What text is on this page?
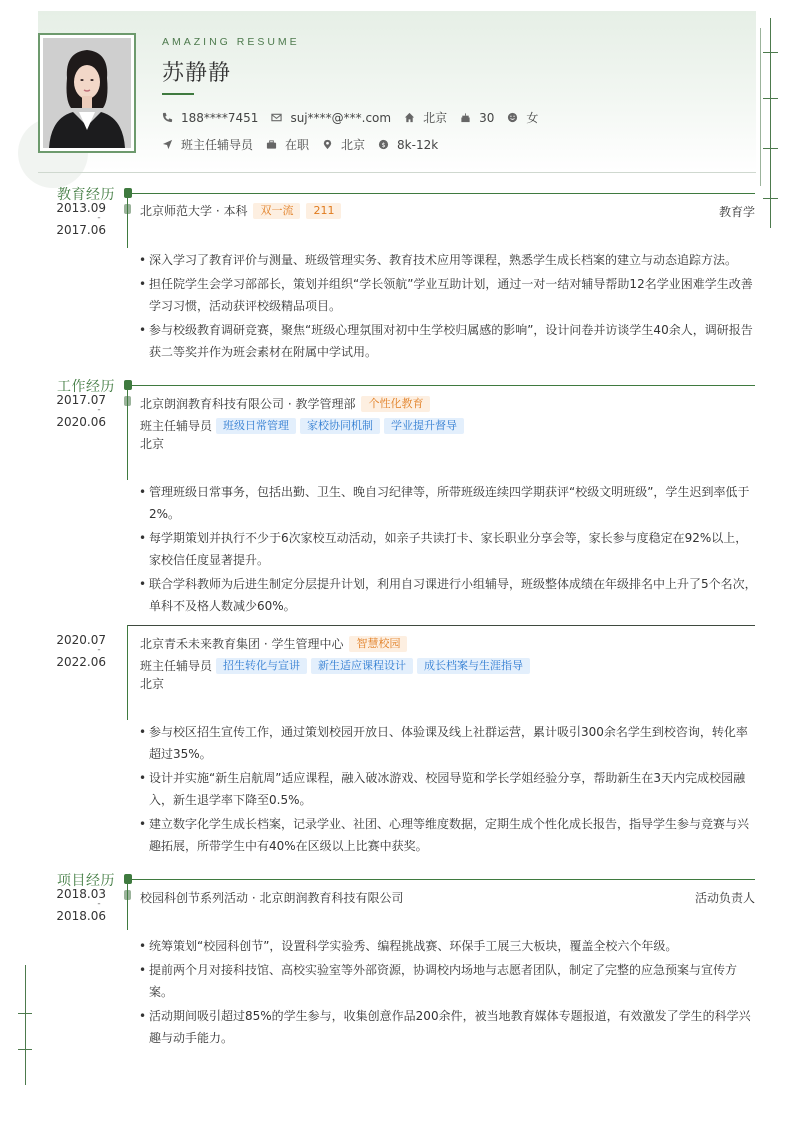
AMAZING RESUME
苏静静
188****7451	suj****@***.com	北京	30	女
班主任辅导员	在职	北京 $ 8k-12k
教育经历
2013.09
-
2017.06
北京师范大学 · 本科	双一流	211	教育学
• 深入学习了教育评价与测量、班级管理实务、教育技术应用等课程，熟悉学生成长档案的建立与动态追踪方法。
• 担任院学生会学习部部长，策划并组织“学长领航”学业互助计划，通过一对一结对辅导帮助12名学业困难学生改善学习习惯，活动获评校级精品项目。
• 参与校级教育调研竞赛，聚焦“班级心理氛围对初中生学校归属感的影响”，设计问卷并访谈学生40余人，调研报告获二等奖并作为班会素材在附属中学试用。
工作经历
2017.07
-
2020.06
北京朗润教育科技有限公司 · 教学管理部	个性化教育
班主任辅导员	班级日常管理	家校协同机制	学业提升督导
北京
• 管理班级日常事务，包括出勤、卫生、晚自习纪律等，所带班级连续四学期获评“校级文明班级”，学生迟到率低于2%。
• 每学期策划并执行不少于6次家校互动活动，如亲子共读打卡、家长职业分享会等，家长参与度稳定在92%以上，家校信任度显著提升。
• 联合学科教师为后进生制定分层提升计划，利用自习课进行小组辅导，班级整体成绩在年级排名中上升了5个名次，单科不及格人数减少60%。
2020.07
-
2022.06
北京青禾未来教育集团 · 学生管理中心	智慧校园
班主任辅导员	招生转化与宣讲	新生适应课程设计	成长档案与生涯指导
北京
• 参与校区招生宣传工作，通过策划校园开放日、体验课及线上社群运营，累计吸引300余名学生到校咨询，转化率超过35%。
• 设计并实施“新生启航周”适应课程，融入破冰游戏、校园导览和学长学姐经验分享，帮助新生在3天内完成校园融入，新生退学率下降至0.5%。
• 建立数字化学生成长档案，记录学业、社团、心理等维度数据，定期生成个性化成长报告，指导学生参与竞赛与兴趣拓展，所带学生中有40%在区级以上比赛中获奖。
项目经历
2018.03
-
2018.06
校园科创节系列活动 · 北京朗润教育科技有限公司	活动负责人
• 统筹策划“校园科创节”，设置科学实验秀、编程挑战赛、环保手工展三大板块，覆盖全校六个年级。
• 提前两个月对接科技馆、高校实验室等外部资源，协调校内场地与志愿者团队，制定了完整的应急预案与宣传方案。
• 活动期间吸引超过85%的学生参与，收集创意作品200余件，被当地教育媒体专题报道，有效激发了学生的科学兴趣与动手能力。
